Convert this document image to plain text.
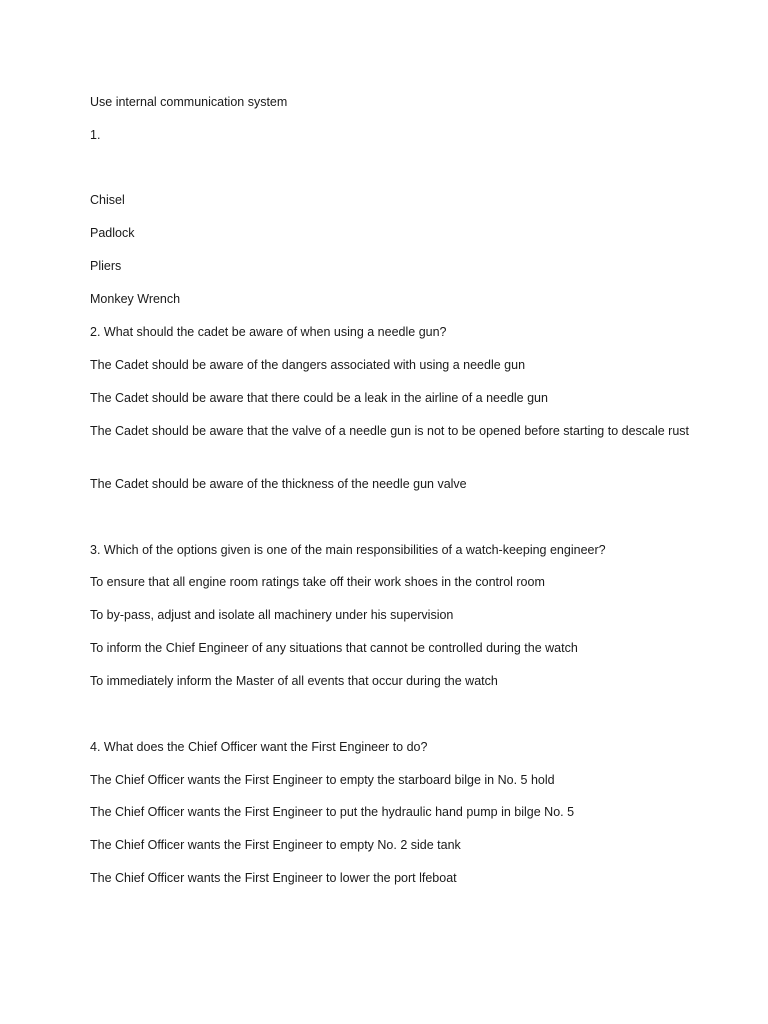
Use internal communication system
1.
Chisel
Padlock
Pliers
Monkey Wrench
2. What should the cadet be aware of when using a needle gun?
The Cadet should be aware of the dangers associated with using a needle gun
The Cadet should be aware that there could be a leak in the airline of a needle gun
The Cadet should be aware that the valve of a needle gun is not to be opened before starting to descale rust
The Cadet should be aware of the thickness of the needle gun valve
3. Which of the options given is one of the main responsibilities of a watch-keeping engineer?
To ensure that all engine room ratings take off their work shoes in the control room
To by-pass, adjust and isolate all machinery under his supervision
To inform the Chief Engineer of any situations that cannot be controlled during the watch
To immediately inform the Master of all events that occur during the watch
4. What does the Chief Officer want the First Engineer to do?
The Chief Officer wants the First Engineer to empty the starboard bilge in No. 5 hold
The Chief Officer wants the First Engineer to put the hydraulic hand pump in bilge No. 5
The Chief Officer wants the First Engineer to empty No. 2 side tank
The Chief Officer wants the First Engineer to lower the port lfeboat
